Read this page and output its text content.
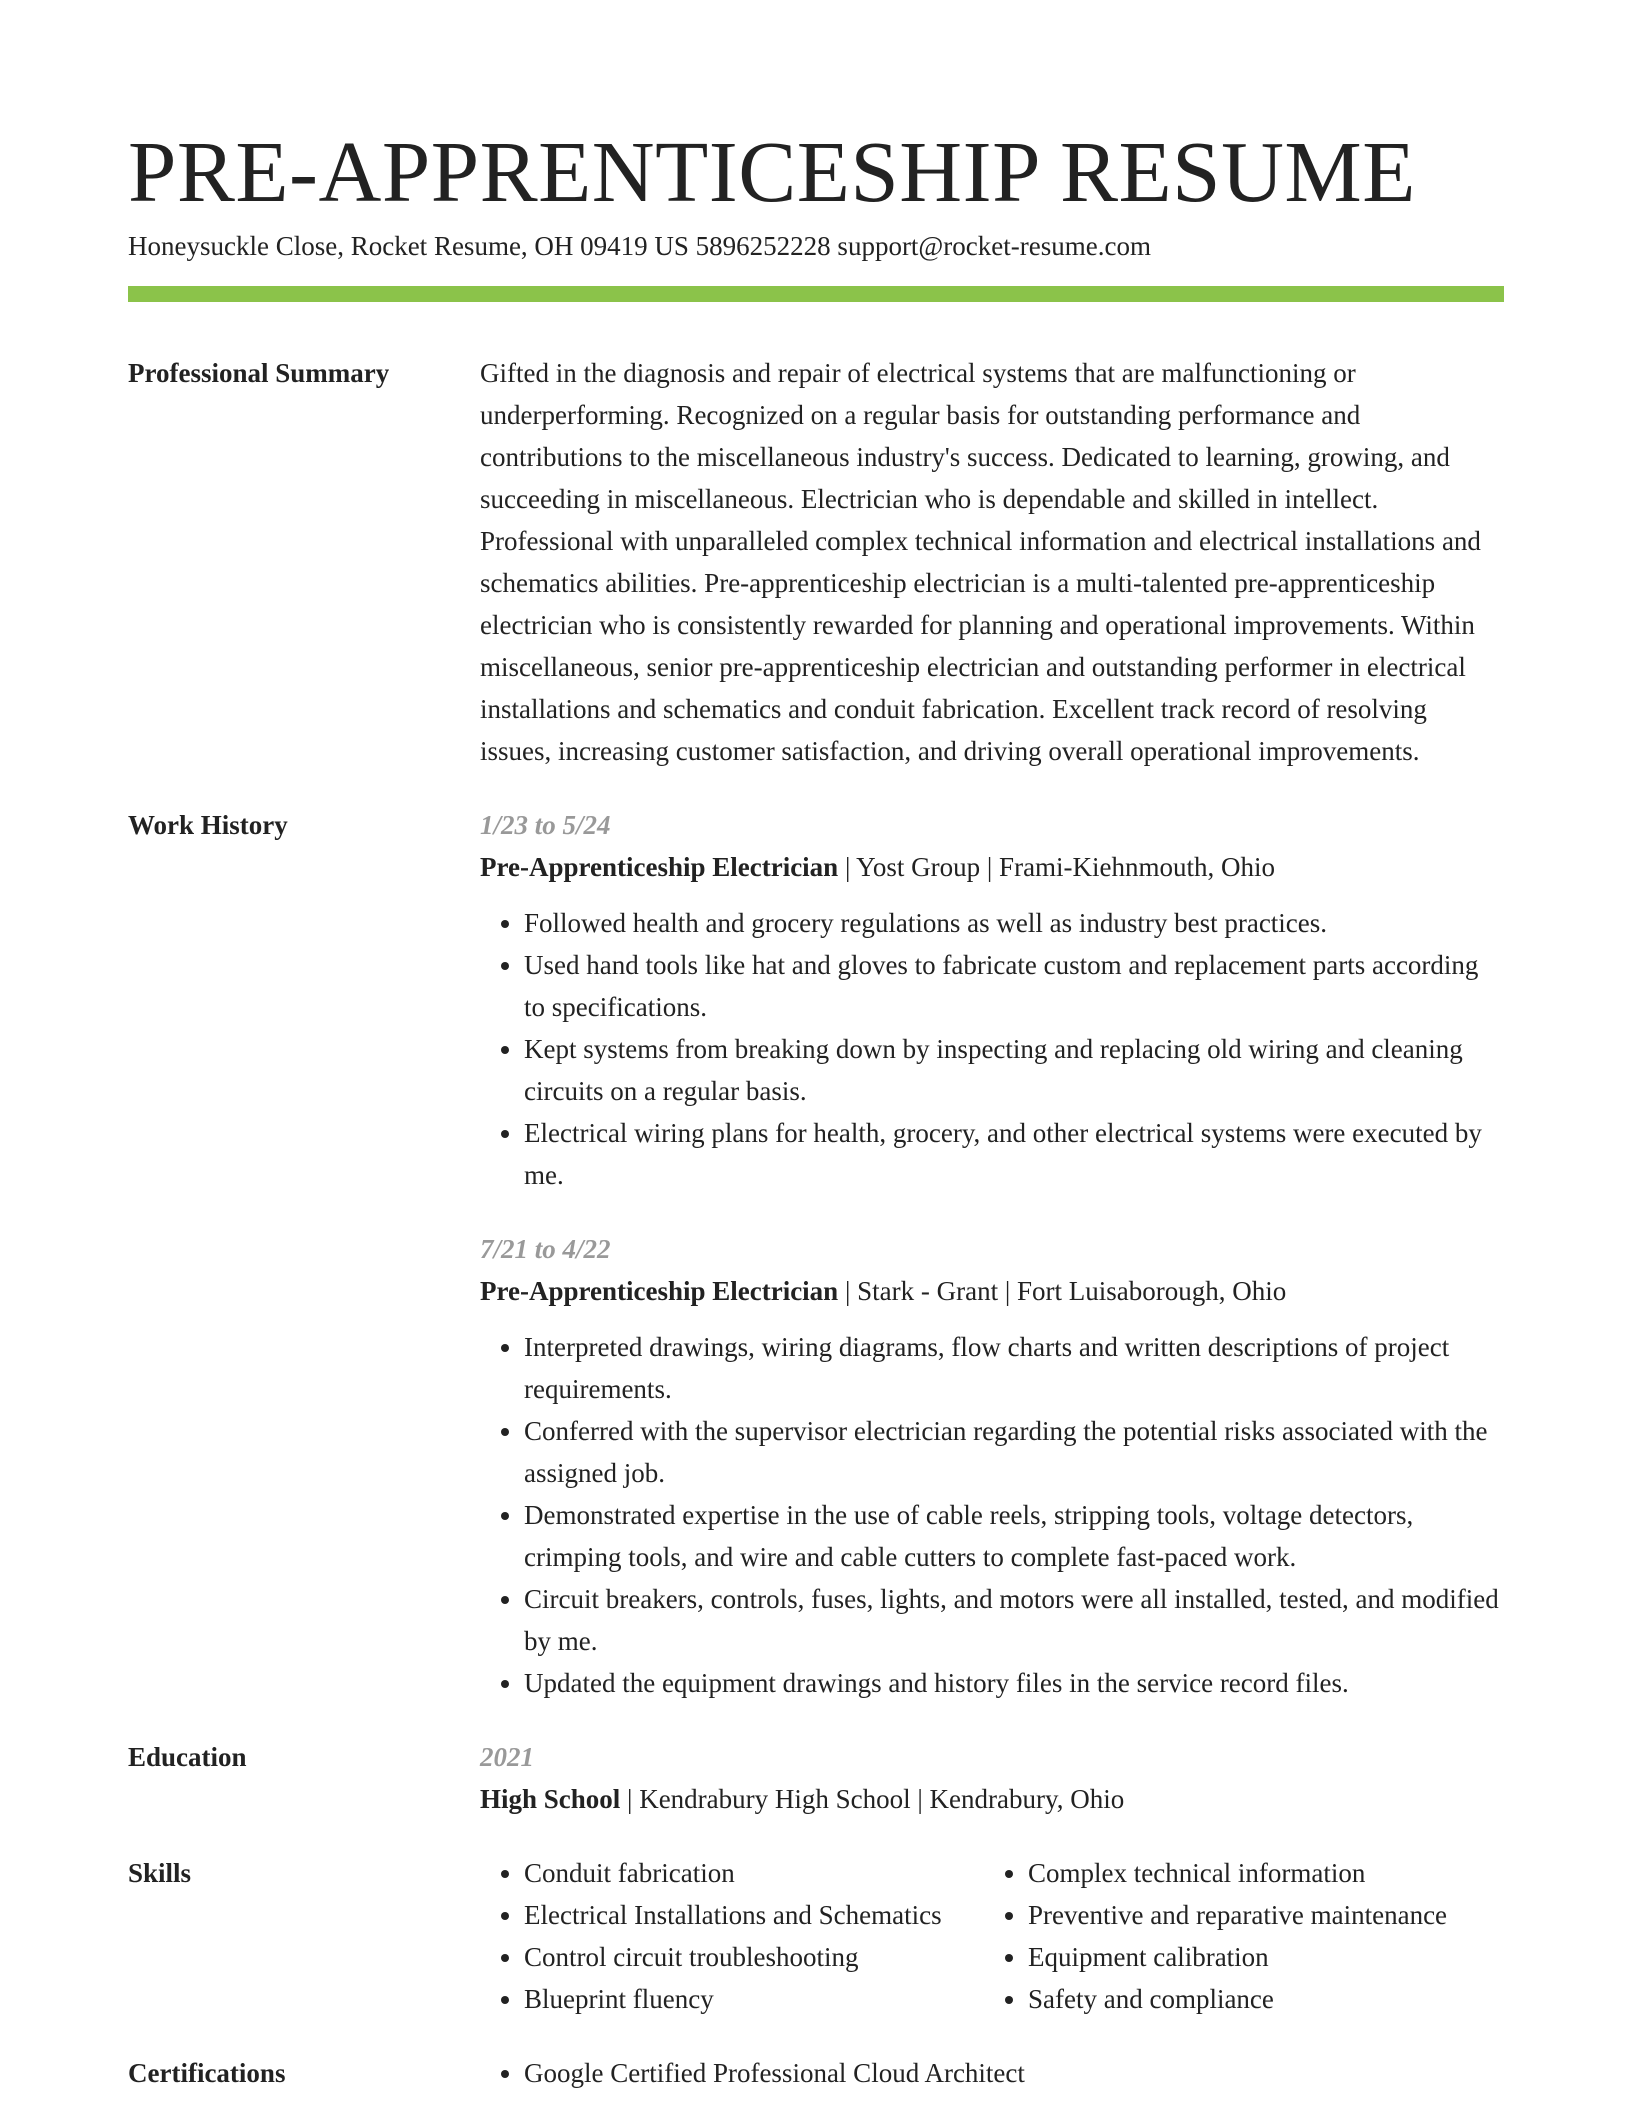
PRE-APPRENTICESHIP RESUME
Honeysuckle Close, Rocket Resume, OH 09419 US 5896252228 support@rocket-resume.com
Professional Summary	Gifted in the diagnosis and repair of electrical systems that are malfunctioning or underperforming. Recognized on a regular basis for outstanding performance and contributions to the miscellaneous industry's success. Dedicated to learning, growing, and succeeding in miscellaneous. Electrician who is dependable and skilled in intellect. Professional with unparalleled complex technical information and electrical installations and schematics abilities. Pre-apprenticeship electrician is a multi-talented pre-apprenticeship electrician who is consistently rewarded for planning and operational improvements. Within miscellaneous, senior pre-apprenticeship electrician and outstanding performer in electrical installations and schematics and conduit fabrication. Excellent track record of resolving issues, increasing customer satisfaction, and driving overall operational improvements.

Work History	1/23 to 5/24
Pre-Apprenticeship Electrician | Yost Group | Frami-Kiehnmouth, Ohio
• Followed health and grocery regulations as well as industry best practices.
• Used hand tools like hat and gloves to fabricate custom and replacement parts according to specifications.
• Kept systems from breaking down by inspecting and replacing old wiring and cleaning circuits on a regular basis.
• Electrical wiring plans for health, grocery, and other electrical systems were executed by me.
7/21 to 4/22
Pre-Apprenticeship Electrician | Stark - Grant | Fort Luisaborough, Ohio
• Interpreted drawings, wiring diagrams, flow charts and written descriptions of project requirements.
• Conferred with the supervisor electrician regarding the potential risks associated with the assigned job.
• Demonstrated expertise in the use of cable reels, stripping tools, voltage detectors, crimping tools, and wire and cable cutters to complete fast-paced work.
• Circuit breakers, controls, fuses, lights, and motors were all installed, tested, and modified by me.
• Updated the equipment drawings and history files in the service record files.
Education	2021
High School | Kendrabury High School | Kendrabury, Ohio
Skills	• Conduit fabrication
• Electrical Installations and Schematics
• Control circuit troubleshooting
• Blueprint fluency
• Complex technical information
• Preventive and reparative maintenance
• Equipment calibration
• Safety and compliance
Certifications	• Google Certified Professional Cloud Architect
